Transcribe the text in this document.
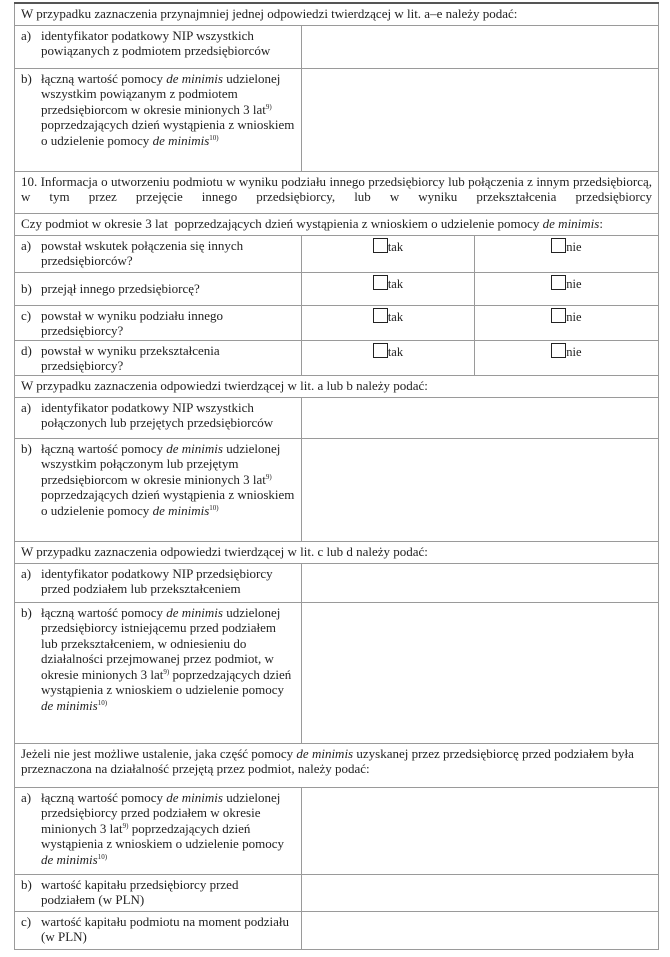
W przypadku zaznaczenia przynajmniej jednej odpowiedzi twierdzącej w lit. a–e należy podać:		

a) identyfikator podatkowy NIP wszystkich powiązanych z podmiotem przedsiębiorców		

b) łączną wartość pomocy de minimis udzielonej wszystkim powiązanym z podmiotem przedsiębiorcom w okresie minionych 3 lat$^{9)}$ poprzedzających dzień wystąpienia z wnioskiem o udzielenie pomocy de minimis$^{10)}$

10. Informacja o utworzeniu podmiotu w wyniku podziału innego przedsiębiorcy lub połączenia z innym przedsiębiorcą, w tym przez przejęcie innego przedsiębiorcy, lub w wyniku przekształcenia przedsiębiorcy		
Czy podmiot w okresie 3 lat  poprzedzających dzień wystąpienia z wnioskiem o udzielenie pomocy de minimis:		

a) powstał wskutek połączenia się innych przedsiębiorców?	tak	nie

b) przejął innego przedsiębiorcę?	tak	nie

c) powstał w wyniku podziału innego przedsiębiorcy?	tak	nie

d) powstał w wyniku przekształcenia przedsiębiorcy?	tak	nie
W przypadku zaznaczenia odpowiedzi twierdzącej w lit. a lub b należy podać:		

a) identyfikator podatkowy NIP wszystkich połączonych lub przejętych przedsiębiorców		

b) łączną wartość pomocy de minimis udzielonej wszystkim połączonym lub przejętym przedsiębiorcom w okresie minionych 3 lat$^{9)}$ poprzedzających dzień wystąpienia z wnioskiem o udzielenie pomocy de minimis$^{10)}$

W przypadku zaznaczenia odpowiedzi twierdzącej w lit. c lub d należy podać:		

a) identyfikator podatkowy NIP przedsiębiorcy przed podziałem lub przekształceniem		

b) łączną wartość pomocy de minimis udzielonej przedsiębiorcy istniejącemu przed podziałem lub przekształceniem, w odniesieniu do działalności przejmowanej przez podmiot, w okresie minionych 3 lat$^{9)}$ poprzedzających dzień wystąpienia z wnioskiem o udzielenie pomocy de minimis$^{10)}$

Jeżeli nie jest możliwe ustalenie, jaka część pomocy de minimis uzyskanej przez przedsiębiorcę przed podziałem była przeznaczona na działalność przejętą przez podmiot, należy podać:		

a) łączną wartość pomocy de minimis udzielonej przedsiębiorcy przed podziałem w okresie minionych 3 lat$^{9)}$ poprzedzających dzień wystąpienia z wnioskiem o udzielenie pomocy de minimis$^{10)}$

b) wartość kapitału przedsiębiorcy przed podziałem (w PLN)		

c) wartość kapitału podmiotu na moment podziału (w PLN)		
